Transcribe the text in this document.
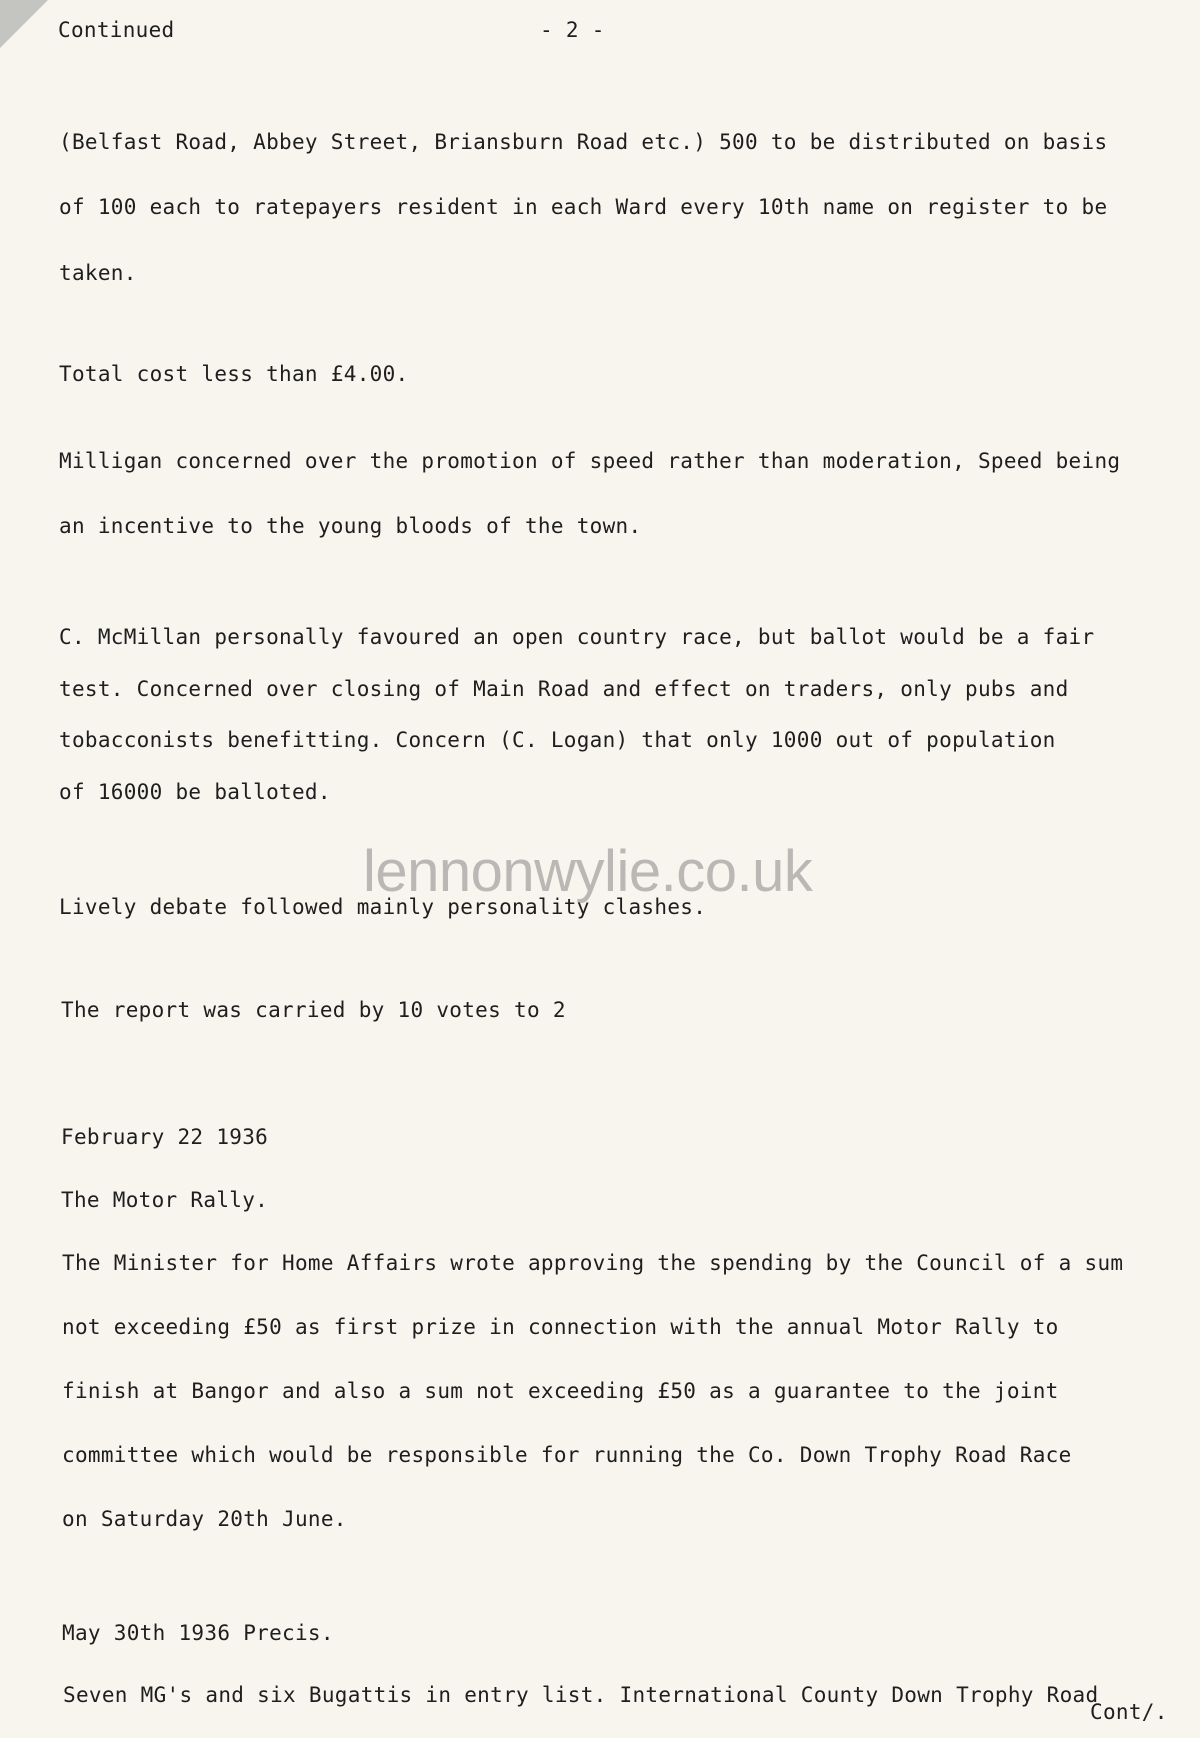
Continued	- 2 -
(Belfast Road, Abbey Street, Briansburn Road etc.) 500 to be distributed on basis
of 100 each to ratepayers resident in each Ward every 10th name on register to be
taken.
Total cost less than £4.00.
Milligan concerned over the promotion of speed rather than moderation, Speed being
an incentive to the young bloods of the town.
C. McMillan personally favoured an open country race, but ballot would be a fair
test. Concerned over closing of Main Road and effect on traders, only pubs and
tobacconists benefitting. Concern (C. Logan) that only 1000 out of population
of 16000 be balloted.
lennonwylie.co.uk
Lively debate followed mainly personality clashes.
The report was carried by 10 votes to 2
February 22 1936
The Motor Rally.
The Minister for Home Affairs wrote approving the spending by the Council of a sum
not exceeding £50 as first prize in connection with the annual Motor Rally to
finish at Bangor and also a sum not exceeding £50 as a guarantee to the joint
committee which would be responsible for running the Co. Down Trophy Road Race
on Saturday 20th June.
May 30th 1936 Precis.
Seven MG's and six Bugattis in entry list. International County Down Trophy Road
Cont/.
